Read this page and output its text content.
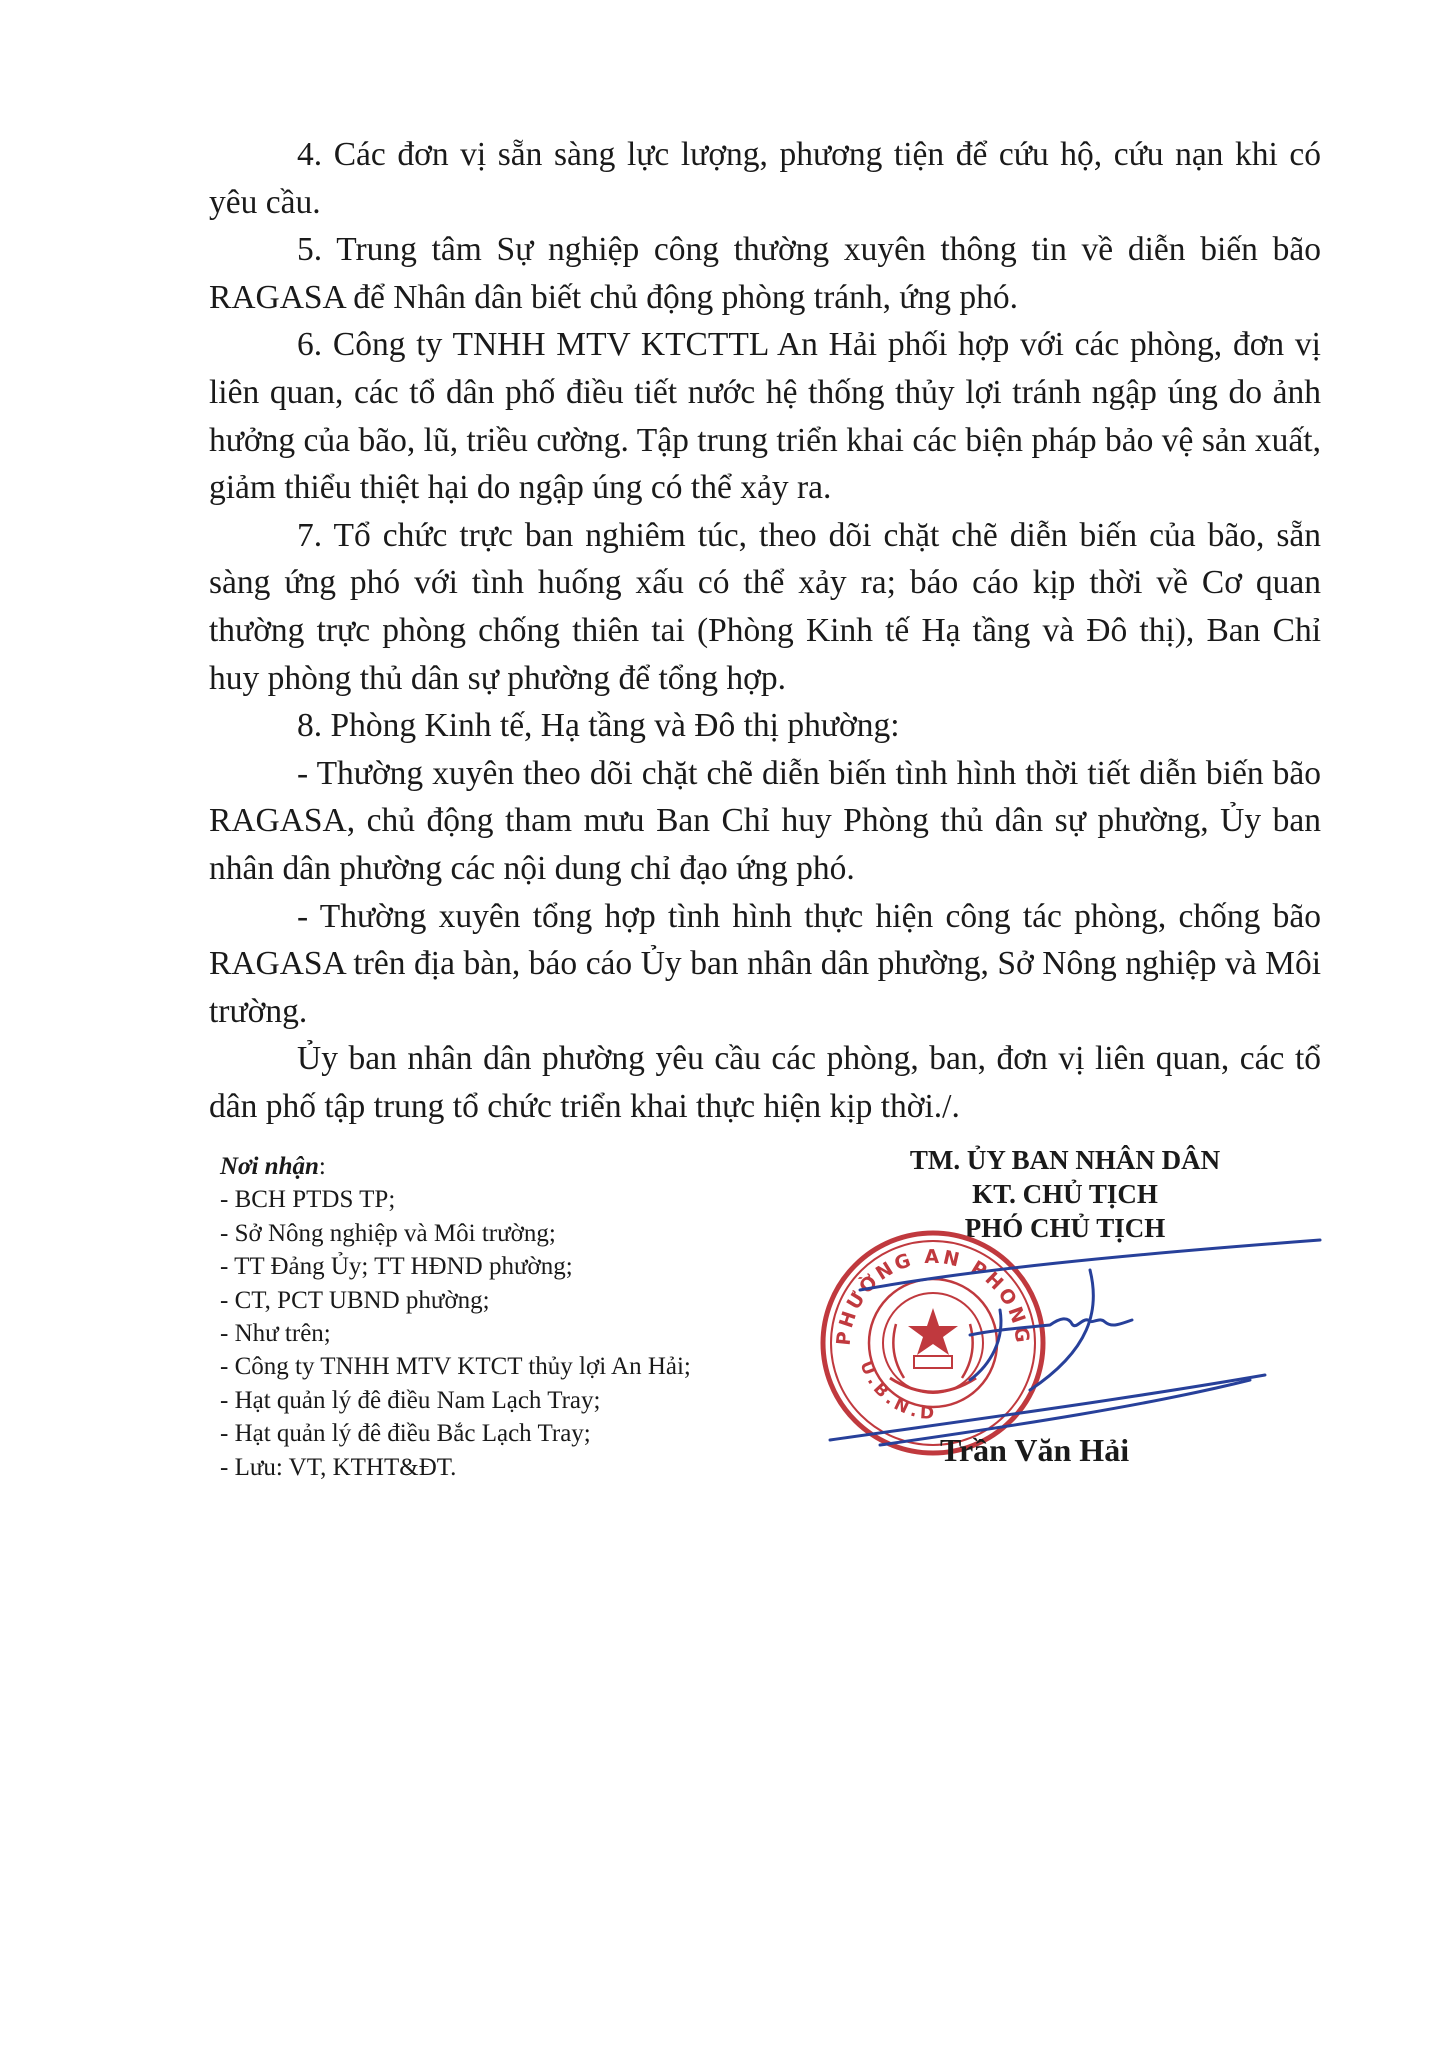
4. Các đơn vị sẵn sàng lực lượng, phương tiện để cứu hộ, cứu nạn khi có yêu cầu.

5. Trung tâm Sự nghiệp công thường xuyên thông tin về diễn biến bão RAGASA để Nhân dân biết chủ động phòng tránh, ứng phó.

6. Công ty TNHH MTV KTCTTL An Hải phối hợp với các phòng, đơn vị liên quan, các tổ dân phố điều tiết nước hệ thống thủy lợi tránh ngập úng do ảnh hưởng của bão, lũ, triều cường. Tập trung triển khai các biện pháp bảo vệ sản xuất, giảm thiểu thiệt hại do ngập úng có thể xảy ra.

7. Tổ chức trực ban nghiêm túc, theo dõi chặt chẽ diễn biến của bão, sẵn sàng ứng phó với tình huống xấu có thể xảy ra; báo cáo kịp thời về Cơ quan thường trực phòng chống thiên tai (Phòng Kinh tế Hạ tầng và Đô thị), Ban Chỉ huy phòng thủ dân sự phường để tổng hợp.

8. Phòng Kinh tế, Hạ tầng và Đô thị phường:

- Thường xuyên theo dõi chặt chẽ diễn biến tình hình thời tiết diễn biến bão RAGASA, chủ động tham mưu Ban Chỉ huy Phòng thủ dân sự phường, Ủy ban nhân dân phường các nội dung chỉ đạo ứng phó.

- Thường xuyên tổng hợp tình hình thực hiện công tác phòng, chống bão RAGASA trên địa bàn, báo cáo Ủy ban nhân dân phường, Sở Nông nghiệp và Môi trường.

Ủy ban nhân dân phường yêu cầu các phòng, ban, đơn vị liên quan, các tổ dân phố tập trung tổ chức triển khai thực hiện kịp thời./.

Nơi nhận:
- BCH PTDS TP;
- Sở Nông nghiệp và Môi trường;
- TT Đảng Ủy; TT HĐND phường;
- CT, PCT UBND phường;
- Như trên;
- Công ty TNHH MTV KTCT thủy lợi An Hải;
- Hạt quản lý đê điều Nam Lạch Tray;
- Hạt quản lý đê điều Bắc Lạch Tray;
- Lưu: VT, KTHT&ĐT.
TM. ỦY BAN NHÂN DÂN
KT. CHỦ TỊCH
PHÓ CHỦ TỊCH
PHƯỜNG AN PHONG
U.B.N.D
Trần Văn Hải
